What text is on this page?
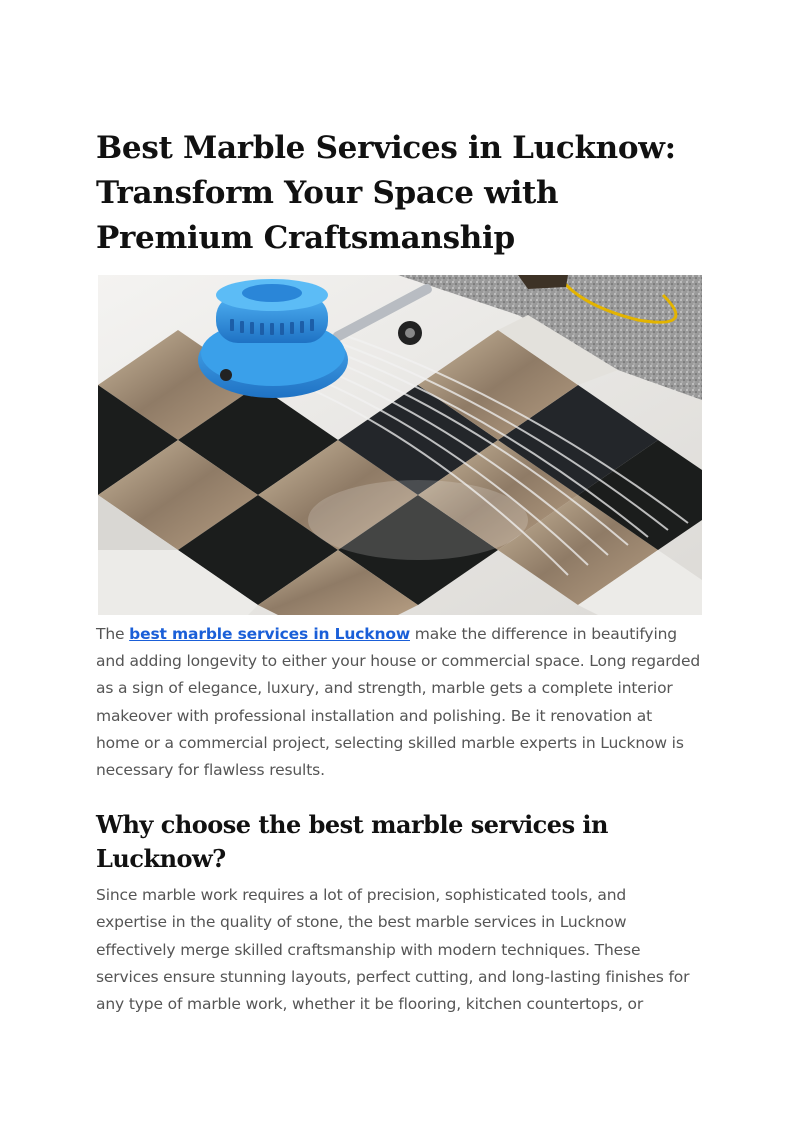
Best Marble Services in Lucknow: Transform Your Space with Premium Craftsmanship

The best marble services in Lucknow make the difference in beautifying and adding longevity to either your house or commercial space. Long regarded as a sign of elegance, luxury, and strength, marble gets a complete interior makeover with professional installation and polishing. Be it renovation at home or a commercial project, selecting skilled marble experts in Lucknow is necessary for flawless results.

Why choose the best marble services in Lucknow?

Since marble work requires a lot of precision, sophisticated tools, and expertise in the quality of stone, the best marble services in Lucknow effectively merge skilled craftsmanship with modern techniques. These services ensure stunning layouts, perfect cutting, and long-lasting finishes for any type of marble work, whether it be flooring, kitchen countertops, or
